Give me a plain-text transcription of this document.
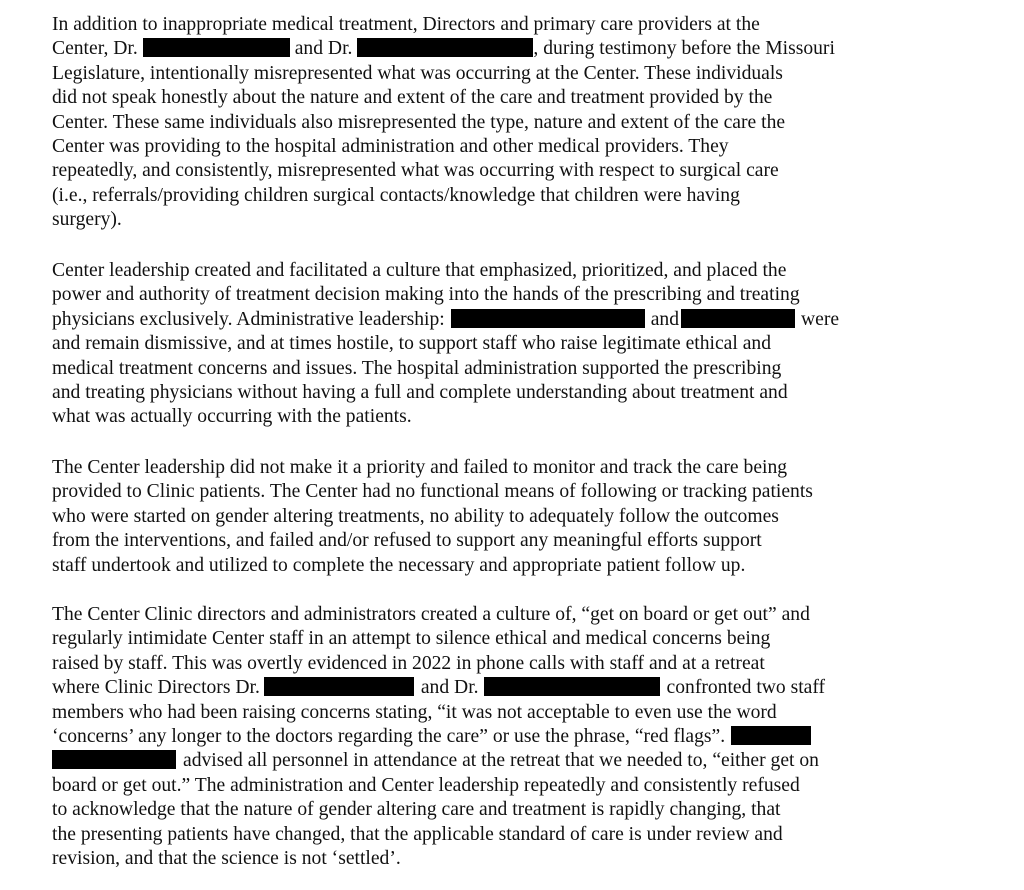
In addition to inappropriate medical treatment, Directors and primary care providers at the
Center, Dr.	and Dr.	, during testimony before the Missouri
Legislature, intentionally misrepresented what was occurring at the Center. These individuals
did not speak honestly about the nature and extent of the care and treatment provided by the
Center. These same individuals also misrepresented the type, nature and extent of the care the
Center was providing to the hospital administration and other medical providers. They
repeatedly, and consistently, misrepresented what was occurring with respect to surgical care
(i.e., referrals/providing children surgical contacts/knowledge that children were having
surgery).

Center leadership created and facilitated a culture that emphasized, prioritized, and placed the
power and authority of treatment decision making into the hands of the prescribing and treating
physicians exclusively. Administrative leadership:	and	were
and remain dismissive, and at times hostile, to support staff who raise legitimate ethical and
medical treatment concerns and issues. The hospital administration supported the prescribing
and treating physicians without having a full and complete understanding about treatment and
what was actually occurring with the patients.

The Center leadership did not make it a priority and failed to monitor and track the care being
provided to Clinic patients. The Center had no functional means of following or tracking patients
who were started on gender altering treatments, no ability to adequately follow the outcomes
from the interventions, and failed and/or refused to support any meaningful efforts support
staff undertook and utilized to complete the necessary and appropriate patient follow up.

The Center Clinic directors and administrators created a culture of, “get on board or get out” and
regularly intimidate Center staff in an attempt to silence ethical and medical concerns being
raised by staff. This was overtly evidenced in 2022 in phone calls with staff and at a retreat
where Clinic Directors Dr.	and Dr.	confronted two staff
members who had been raising concerns stating, “it was not acceptable to even use the word
‘concerns’ any longer to the doctors regarding the care” or use the phrase, “red flags”.
advised all personnel in attendance at the retreat that we needed to, “either get on
board or get out.” The administration and Center leadership repeatedly and consistently refused
to acknowledge that the nature of gender altering care and treatment is rapidly changing, that
the presenting patients have changed, that the applicable standard of care is under review and
revision, and that the science is not ‘settled’.
